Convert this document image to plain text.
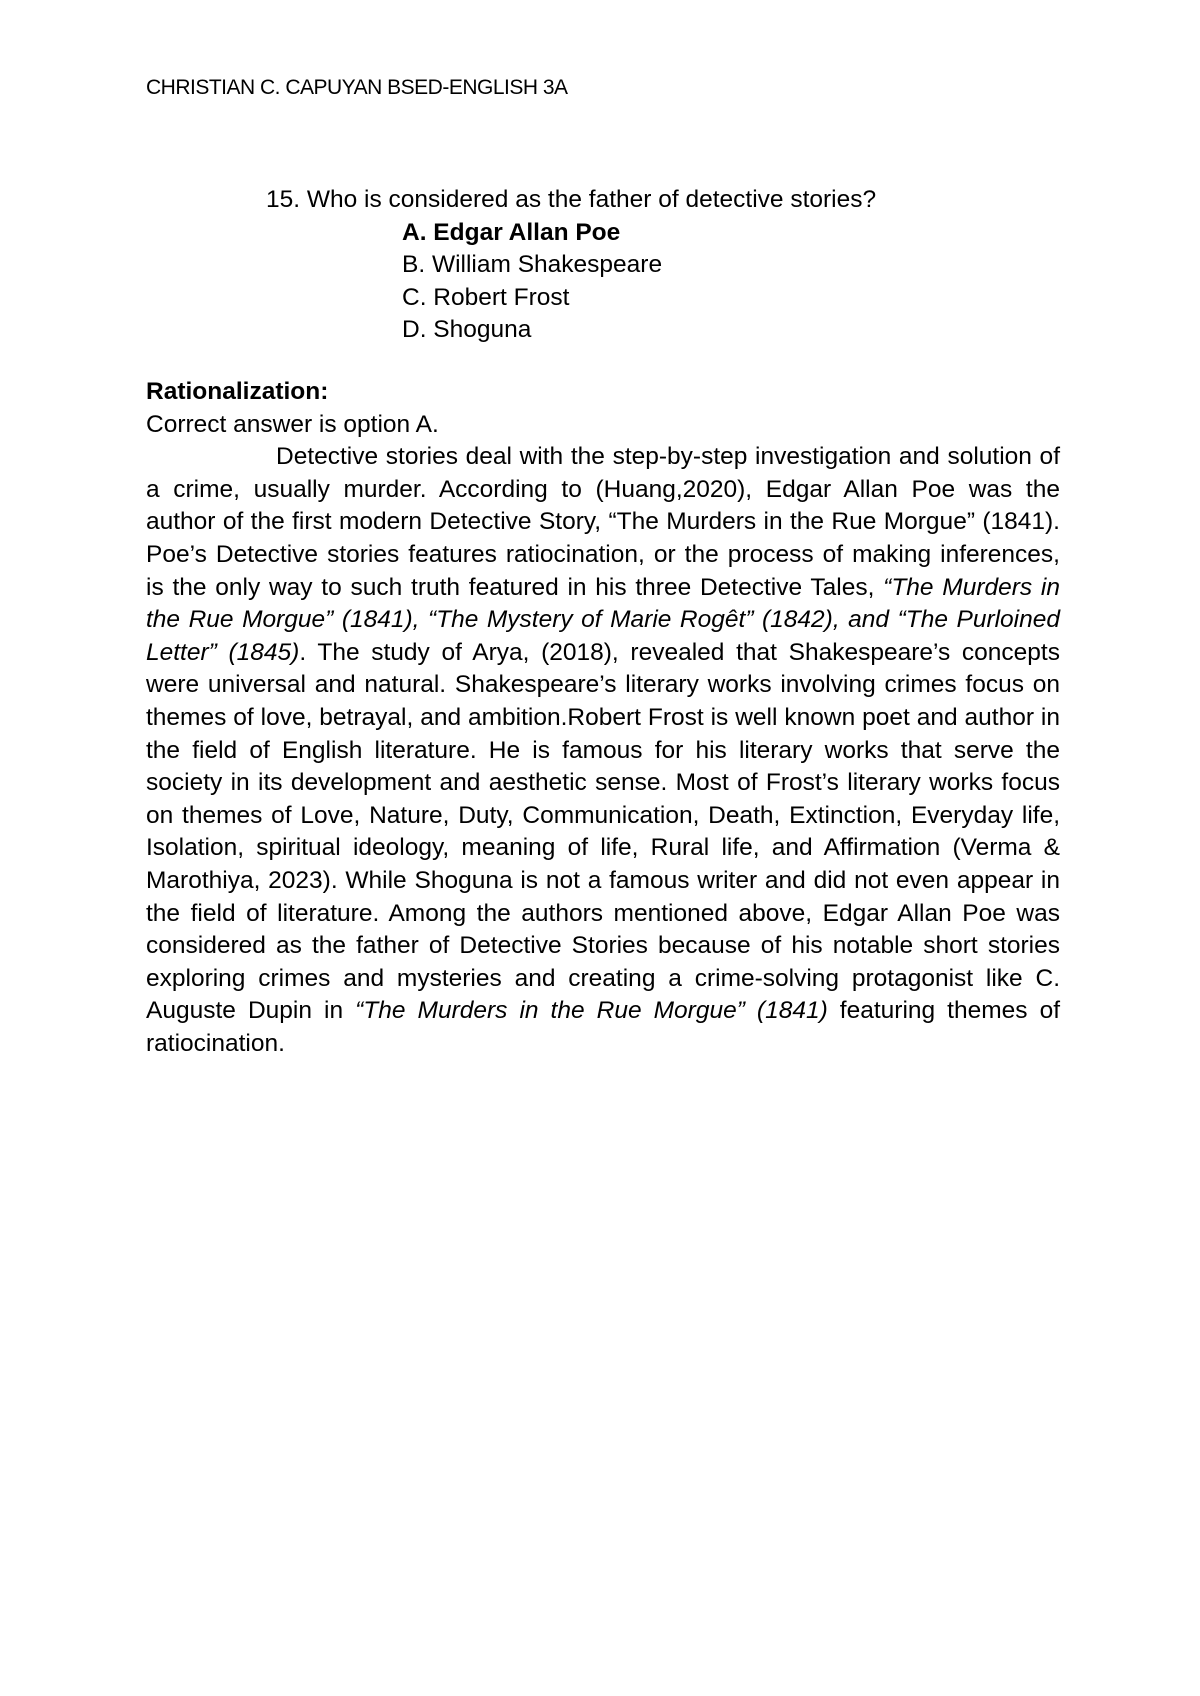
CHRISTIAN C. CAPUYAN BSED-ENGLISH 3A
15. Who is considered as the father of detective stories?
A. Edgar Allan Poe
B. William Shakespeare
C. Robert Frost
D. Shoguna
Rationalization:
Correct answer is option A.

Detective stories deal with the step-by-step investigation and solution of a crime, usually murder. According to (Huang,2020), Edgar Allan Poe was the author of the first modern Detective Story, “The Murders in the Rue Morgue” (1841). Poe’s Detective stories features ratiocination, or the process of making inferences, is the only way to such truth featured in his three Detective Tales, “The Murders in the Rue Morgue” (1841), “The Mystery of Marie Rogêt” (1842), and “The Purloined Letter” (1845). The study of Arya, (2018), revealed that Shakespeare’s concepts were universal and natural. Shakespeare’s literary works involving crimes focus on themes of love, betrayal, and ambition.Robert Frost is well known poet and author in the field of English literature. He is famous for his literary works that serve the society in its development and aesthetic sense. Most of Frost’s literary works focus on themes of Love, Nature, Duty, Communication, Death, Extinction, Everyday life, Isolation, spiritual ideology, meaning of life, Rural life, and Affirmation (Verma & Marothiya, 2023). While Shoguna is not a famous writer and did not even appear in the field of literature. Among the authors mentioned above, Edgar Allan Poe was considered as the father of Detective Stories because of his notable short stories exploring crimes and mysteries and creating a crime-solving protagonist like C. Auguste Dupin in “The Murders in the Rue Morgue” (1841) featuring themes of ratiocination.
